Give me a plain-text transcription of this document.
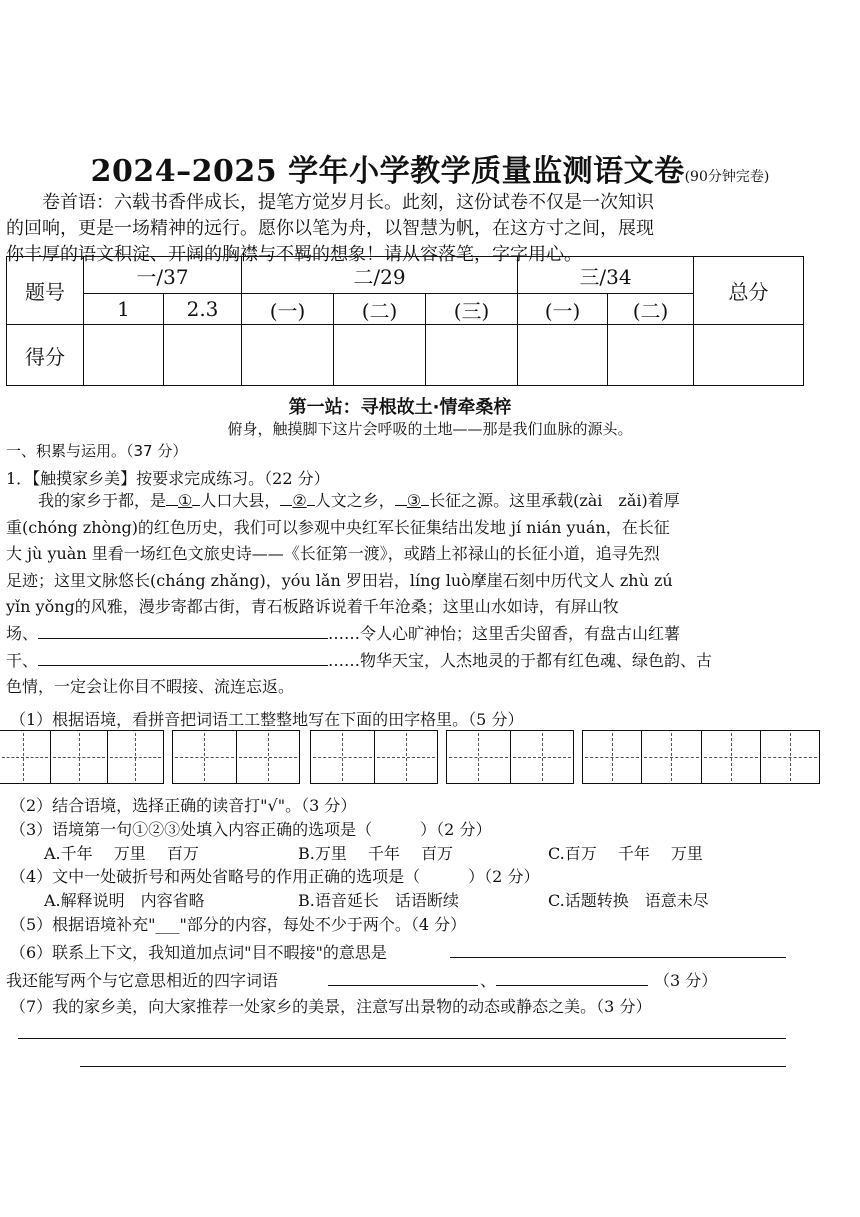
2024–2025 学年小学教学质量监测语文卷(90分钟完卷)

卷首语：六载书香伴成长，提笔方觉岁月长。此刻，这份试卷不仅是一次知识

的回响，更是一场精神的远行。愿你以笔为舟，以智慧为帆，在这方寸之间，展现

你丰厚的语文积淀、开阔的胸襟与不羁的想象！请从容落笔，字字用心。

题号	一/37		二/29			三/34		总分
	1	2.3	(一)	(二)	(三)	(一)	(二)	
得分								
第一站：寻根故土·情牵桑梓
俯身，触摸脚下这片会呼吸的土地——那是我们血脉的源头。
一、积累与运用。（37 分）
1．【触摸家乡美】按要求完成练习。（22 分）

我的家乡于都，是 ① 人口大县， ② 人文之乡， ③ 长征之源。这里承载(zài　zǎi)着厚

重(chóng zhòng)的红色历史，我们可以参观中央红军长征集结出发地 jí nián yuán，在长征

大 jù yuàn 里看一场红色文旅史诗——《长征第一渡》，或踏上祁禄山的长征小道，追寻先烈

足迹；这里文脉悠长(cháng zhǎng)，yóu lǎn 罗田岩，líng luò摩崖石刻中历代文人 zhù zú

yǐn yǒng的风雅，漫步寄都古街，青石板路诉说着千年沧桑；这里山水如诗，有屏山牧

场、	……令人心旷神怡；这里舌尖留香，有盘古山红薯

干、	……物华天宝，人杰地灵的于都有红色魂、绿色韵、古

色情，一定会让你目不暇接、流连忘返。

（1）根据语境，看拼音把词语工工整整地写在下面的田字格里。（5 分）
（2）结合语境，选择正确的读音打"√"。（3 分）
（3）语境第一句①②③处填入内容正确的选项是（　　　）（2 分）
A.千年　 万里　 百万	B.万里　 千年　 百万	C.百万　 千年　 万里
（4）文中一处破折号和两处省略号的作用正确的选项是（　　　）（2 分）
A.解释说明　内容省略	B.语音延长　话语断续	C.话题转换　语意未尽
（5）根据语境补充"___"部分的内容，每处不少于两个。（4 分）
（6）联系上下文，我知道加点词"目不暇接"的意思是
我还能写两个与它意思相近的四字词语	、	（3 分）
（7）我的家乡美，向大家推荐一处家乡的美景，注意写出景物的动态或静态之美。（3 分）
